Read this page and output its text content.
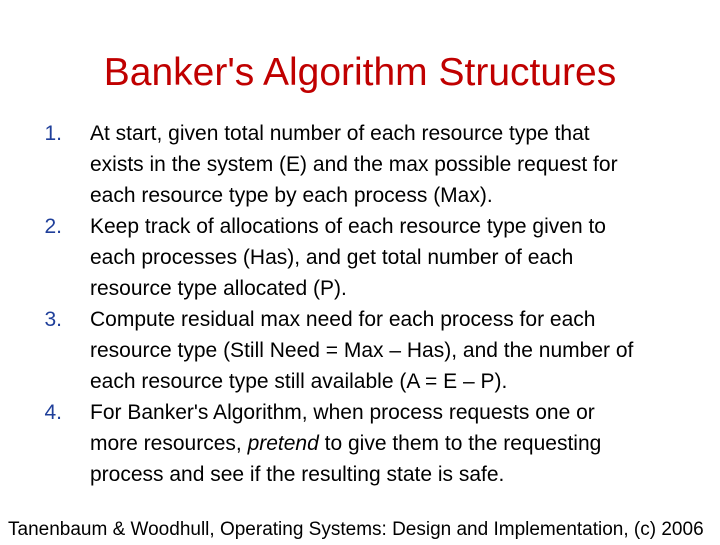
Banker's Algorithm Structures
1. At start, given total number of each resource type that
exists in the system (E) and the max possible request for
each resource type by each process (Max).
2. Keep track of allocations of each resource type given to
each processes (Has), and get total number of each
resource type allocated (P).
3. Compute residual max need for each process for each
resource type (Still Need = Max – Has), and the number of
each resource type still available (A = E – P).
4. For Banker's Algorithm, when process requests one or
more resources, pretend to give them to the requesting
process and see if the resulting state is safe.
Tanenbaum & Woodhull, Operating Systems: Design and Implementation, (c) 2006
